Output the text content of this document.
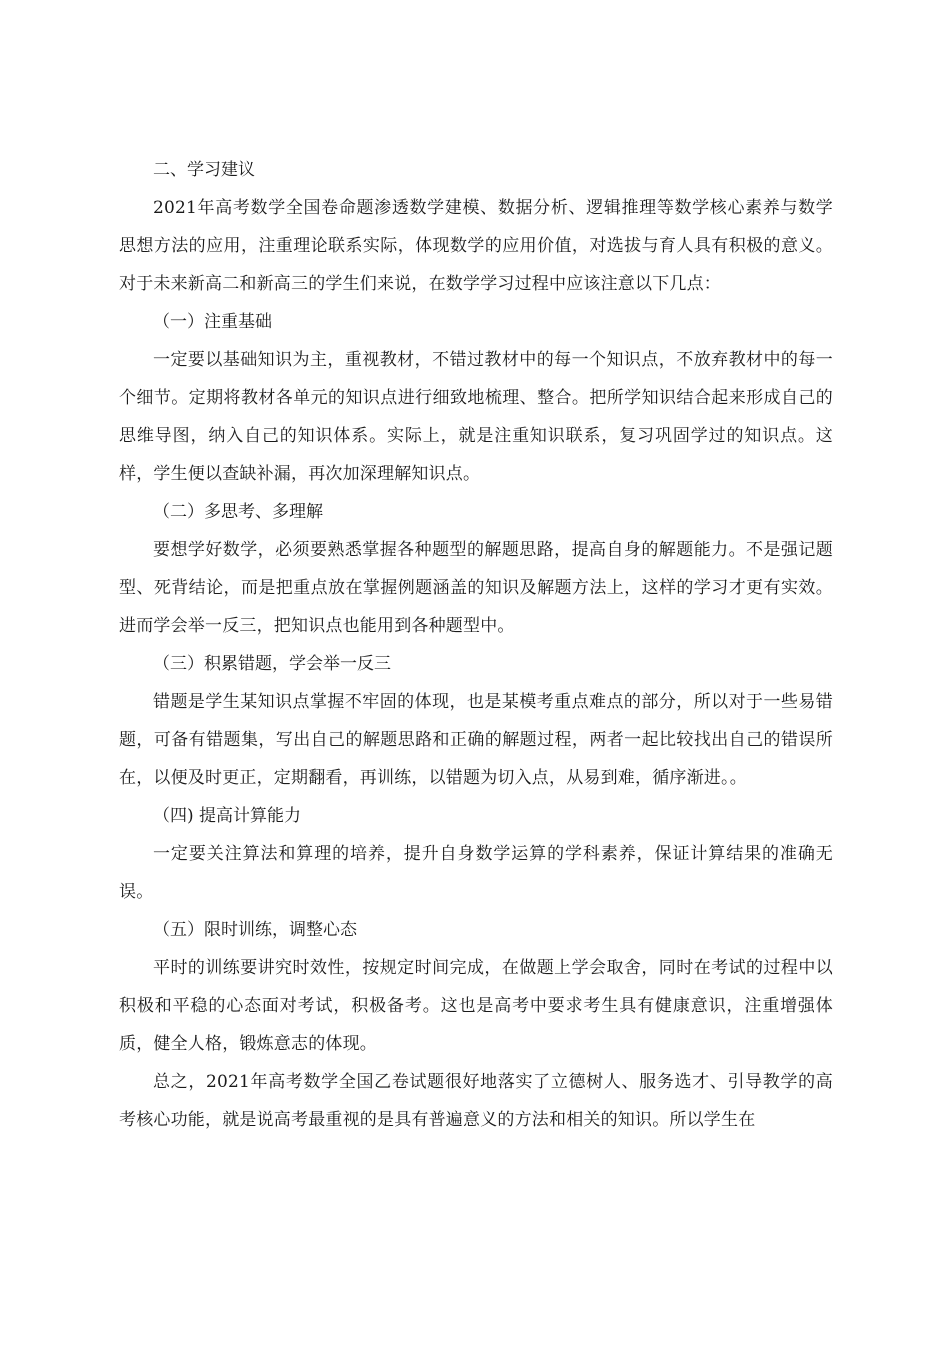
二、学习建议

2021年高考数学全国卷命题渗透数学建模、数据分析、逻辑推理等数学核心素养与数学思想方法的应用，注重理论联系实际，体现数学的应用价值，对选拔与育人具有积极的意义。对于未来新高二和新高三的学生们来说，在数学学习过程中应该注意以下几点：

（一）注重基础

一定要以基础知识为主，重视教材，不错过教材中的每一个知识点，不放弃教材中的每一个细节。定期将教材各单元的知识点进行细致地梳理、整合。把所学知识结合起来形成自己的思维导图，纳入自己的知识体系。实际上，就是注重知识联系，复习巩固学过的知识点。这样，学生便以查缺补漏，再次加深理解知识点。

（二）多思考、多理解

要想学好数学，必须要熟悉掌握各种题型的解题思路，提高自身的解题能力。不是强记题型、死背结论，而是把重点放在掌握例题涵盖的知识及解题方法上，这样的学习才更有实效。进而学会举一反三，把知识点也能用到各种题型中。

（三）积累错题，学会举一反三

错题是学生某知识点掌握不牢固的体现，也是某模考重点难点的部分，所以对于一些易错题，可备有错题集，写出自己的解题思路和正确的解题过程，两者一起比较找出自己的错误所在，以便及时更正，定期翻看，再训练，以错题为切入点，从易到难，循序渐进。。

（四) 提高计算能力

一定要关注算法和算理的培养，提升自身数学运算的学科素养，保证计算结果的准确无误。

（五）限时训练，调整心态

平时的训练要讲究时效性，按规定时间完成，在做题上学会取舍，同时在考试的过程中以积极和平稳的心态面对考试，积极备考。这也是高考中要求考生具有健康意识，注重增强体质，健全人格，锻炼意志的体现。

总之，2021年高考数学全国乙卷试题很好地落实了立德树人、服务选才、引导教学的高考核心功能，就是说高考最重视的是具有普遍意义的方法和相关的知识。所以学生在
